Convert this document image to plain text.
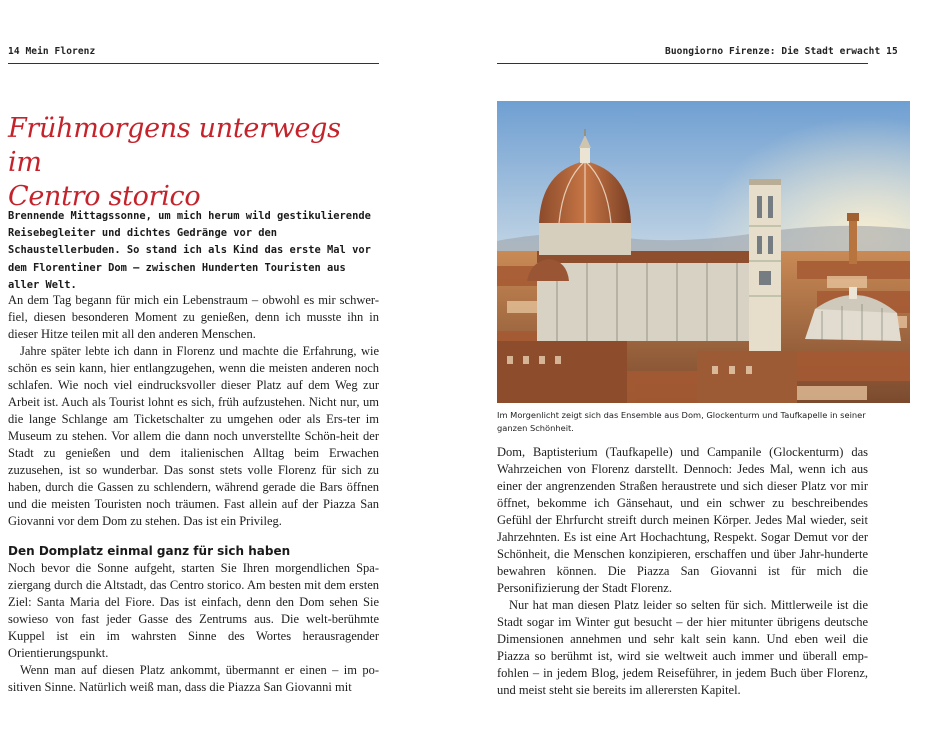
14 Mein Florenz
Frühmorgens unterwegs im
Centro storico
Brennende Mittagssonne, um mich herum wild gestikulierende Reisebegleiter und dichtes Gedränge vor den Schaustellerbuden. So stand ich als Kind das erste Mal vor dem Florentiner Dom – zwischen Hunderten Touristen aus aller Welt.

An dem Tag begann für mich ein Lebenstraum – obwohl es mir schwer-fiel, diesen besonderen Moment zu genießen, denn ich musste ihn in dieser Hitze teilen mit all den anderen Menschen.

Jahre später lebte ich dann in Florenz und machte die Erfahrung, wie schön es sein kann, hier entlangzugehen, wenn die meisten anderen noch schlafen. Wie noch viel eindrucksvoller dieser Platz auf dem Weg zur Arbeit ist. Auch als Tourist lohnt es sich, früh aufzustehen. Nicht nur, um die lange Schlange am Ticketschalter zu umgehen oder als Ers-ter im Museum zu stehen. Vor allem die dann noch unverstellte Schön-heit der Stadt zu genießen und dem italienischen Alltag beim Erwachen zuzusehen, ist so wunderbar. Das sonst stets volle Florenz für sich zu haben, durch die Gassen zu schlendern, während gerade die Bars öffnen und die meisten Touristen noch träumen. Fast allein auf der Piazza San Giovanni vor dem Dom zu stehen. Das ist ein Privileg.

Den Domplatz einmal ganz für sich haben

Noch bevor die Sonne aufgeht, starten Sie Ihren morgendlichen Spa-ziergang durch die Altstadt, das Centro storico. Am besten mit dem ersten Ziel: Santa Maria del Fiore. Das ist einfach, denn den Dom sehen Sie sowieso von fast jeder Gasse des Zentrums aus. Die welt-berühmte Kuppel ist ein im wahrsten Sinne des Wortes herausragender Orientierungspunkt.

Wenn man auf diesen Platz ankommt, übermannt er einen – im po-sitiven Sinne. Natürlich weiß man, dass die Piazza San Giovanni mit

Buongiorno Firenze: Die Stadt erwacht 15
Im Morgenlicht zeigt sich das Ensemble aus Dom, Glockenturm und Taufkapelle in seiner ganzen Schönheit.

Dom, Baptisterium (Taufkapelle) und Campanile (Glockenturm) das Wahrzeichen von Florenz darstellt. Dennoch: Jedes Mal, wenn ich aus einer der angrenzenden Straßen heraustrete und sich dieser Platz vor mir öffnet, bekomme ich Gänsehaut, und ein schwer zu beschreibendes Gefühl der Ehrfurcht streift durch meinen Körper. Jedes Mal wieder, seit Jahrzehnten. Es ist eine Art Hochachtung, Respekt. Sogar Demut vor der Schönheit, die Menschen konzipieren, erschaffen und über Jahr-hunderte bewahren können. Die Piazza San Giovanni ist für mich die Personifizierung der Stadt Florenz.

Nur hat man diesen Platz leider so selten für sich. Mittlerweile ist die Stadt sogar im Winter gut besucht – der hier mitunter übrigens deutsche Dimensionen annehmen und sehr kalt sein kann. Und eben weil die Piazza so berühmt ist, wird sie weltweit auch immer und überall emp-fohlen – in jedem Blog, jedem Reiseführer, in jedem Buch über Florenz, und meist steht sie bereits im allerersten Kapitel.
